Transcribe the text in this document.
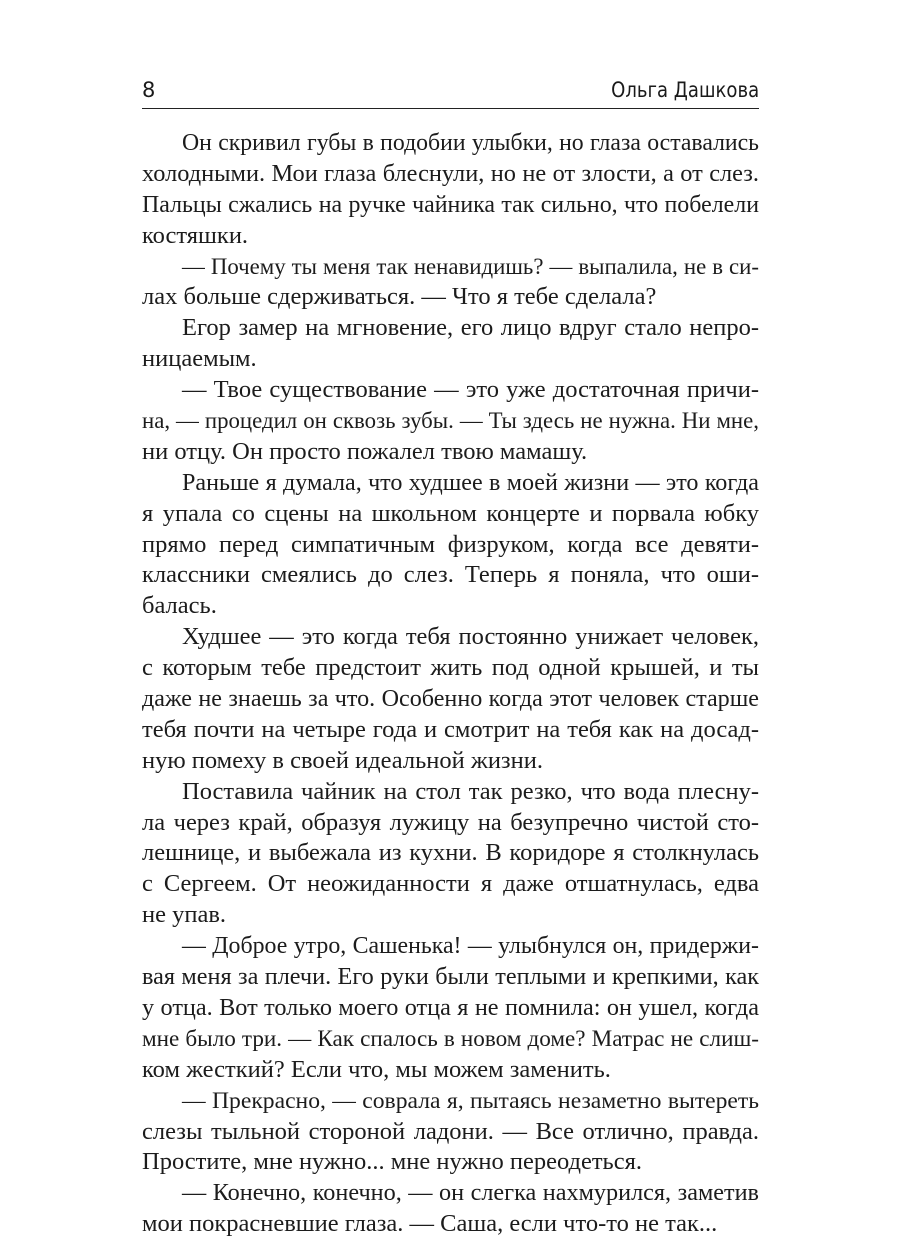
8	Ольга Дашкова

Он скривил губы в подобии улыбки, но глаза оставались
холодными. Мои глаза блеснули, но не от злости, а от слез.
Пальцы сжались на ручке чайника так сильно, что побелели
костяшки.

— Почему ты меня так ненавидишь? — выпалила, не в си-
лах больше сдерживаться. — Что я тебе сделала?

Егор замер на мгновение, его лицо вдруг стало непро-
ницаемым.

— Твое существование — это уже достаточная причи-
на, — процедил он сквозь зубы. — Ты здесь не нужна. Ни мне,
ни отцу. Он просто пожалел твою мамашу.

Раньше я думала, что худшее в моей жизни — это когда
я упала со сцены на школьном концерте и порвала юбку
прямо перед симпатичным физруком, когда все девяти-
классники смеялись до слез. Теперь я поняла, что оши-
балась.

Худшее — это когда тебя постоянно унижает человек,
с которым тебе предстоит жить под одной крышей, и ты
даже не знаешь за что. Особенно когда этот человек старше
тебя почти на четыре года и смотрит на тебя как на досад-
ную помеху в своей идеальной жизни.

Поставила чайник на стол так резко, что вода плесну-
ла через край, образуя лужицу на безупречно чистой сто-
лешнице, и выбежала из кухни. В коридоре я столкнулась
с Сергеем. От неожиданности я даже отшатнулась, едва
не упав.

— Доброе утро, Сашенька! — улыбнулся он, придержи-
вая меня за плечи. Его руки были теплыми и крепкими, как
у отца. Вот только моего отца я не помнила: он ушел, когда
мне было три. — Как спалось в новом доме? Матрас не слиш-
ком жесткий? Если что, мы можем заменить.

— Прекрасно, — соврала я, пытаясь незаметно вытереть
слезы тыльной стороной ладони. — Все отлично, правда.
Простите, мне нужно... мне нужно переодеться.

— Конечно, конечно, — он слегка нахмурился, заметив
мои покрасневшие глаза. — Саша, если что-то не так...
